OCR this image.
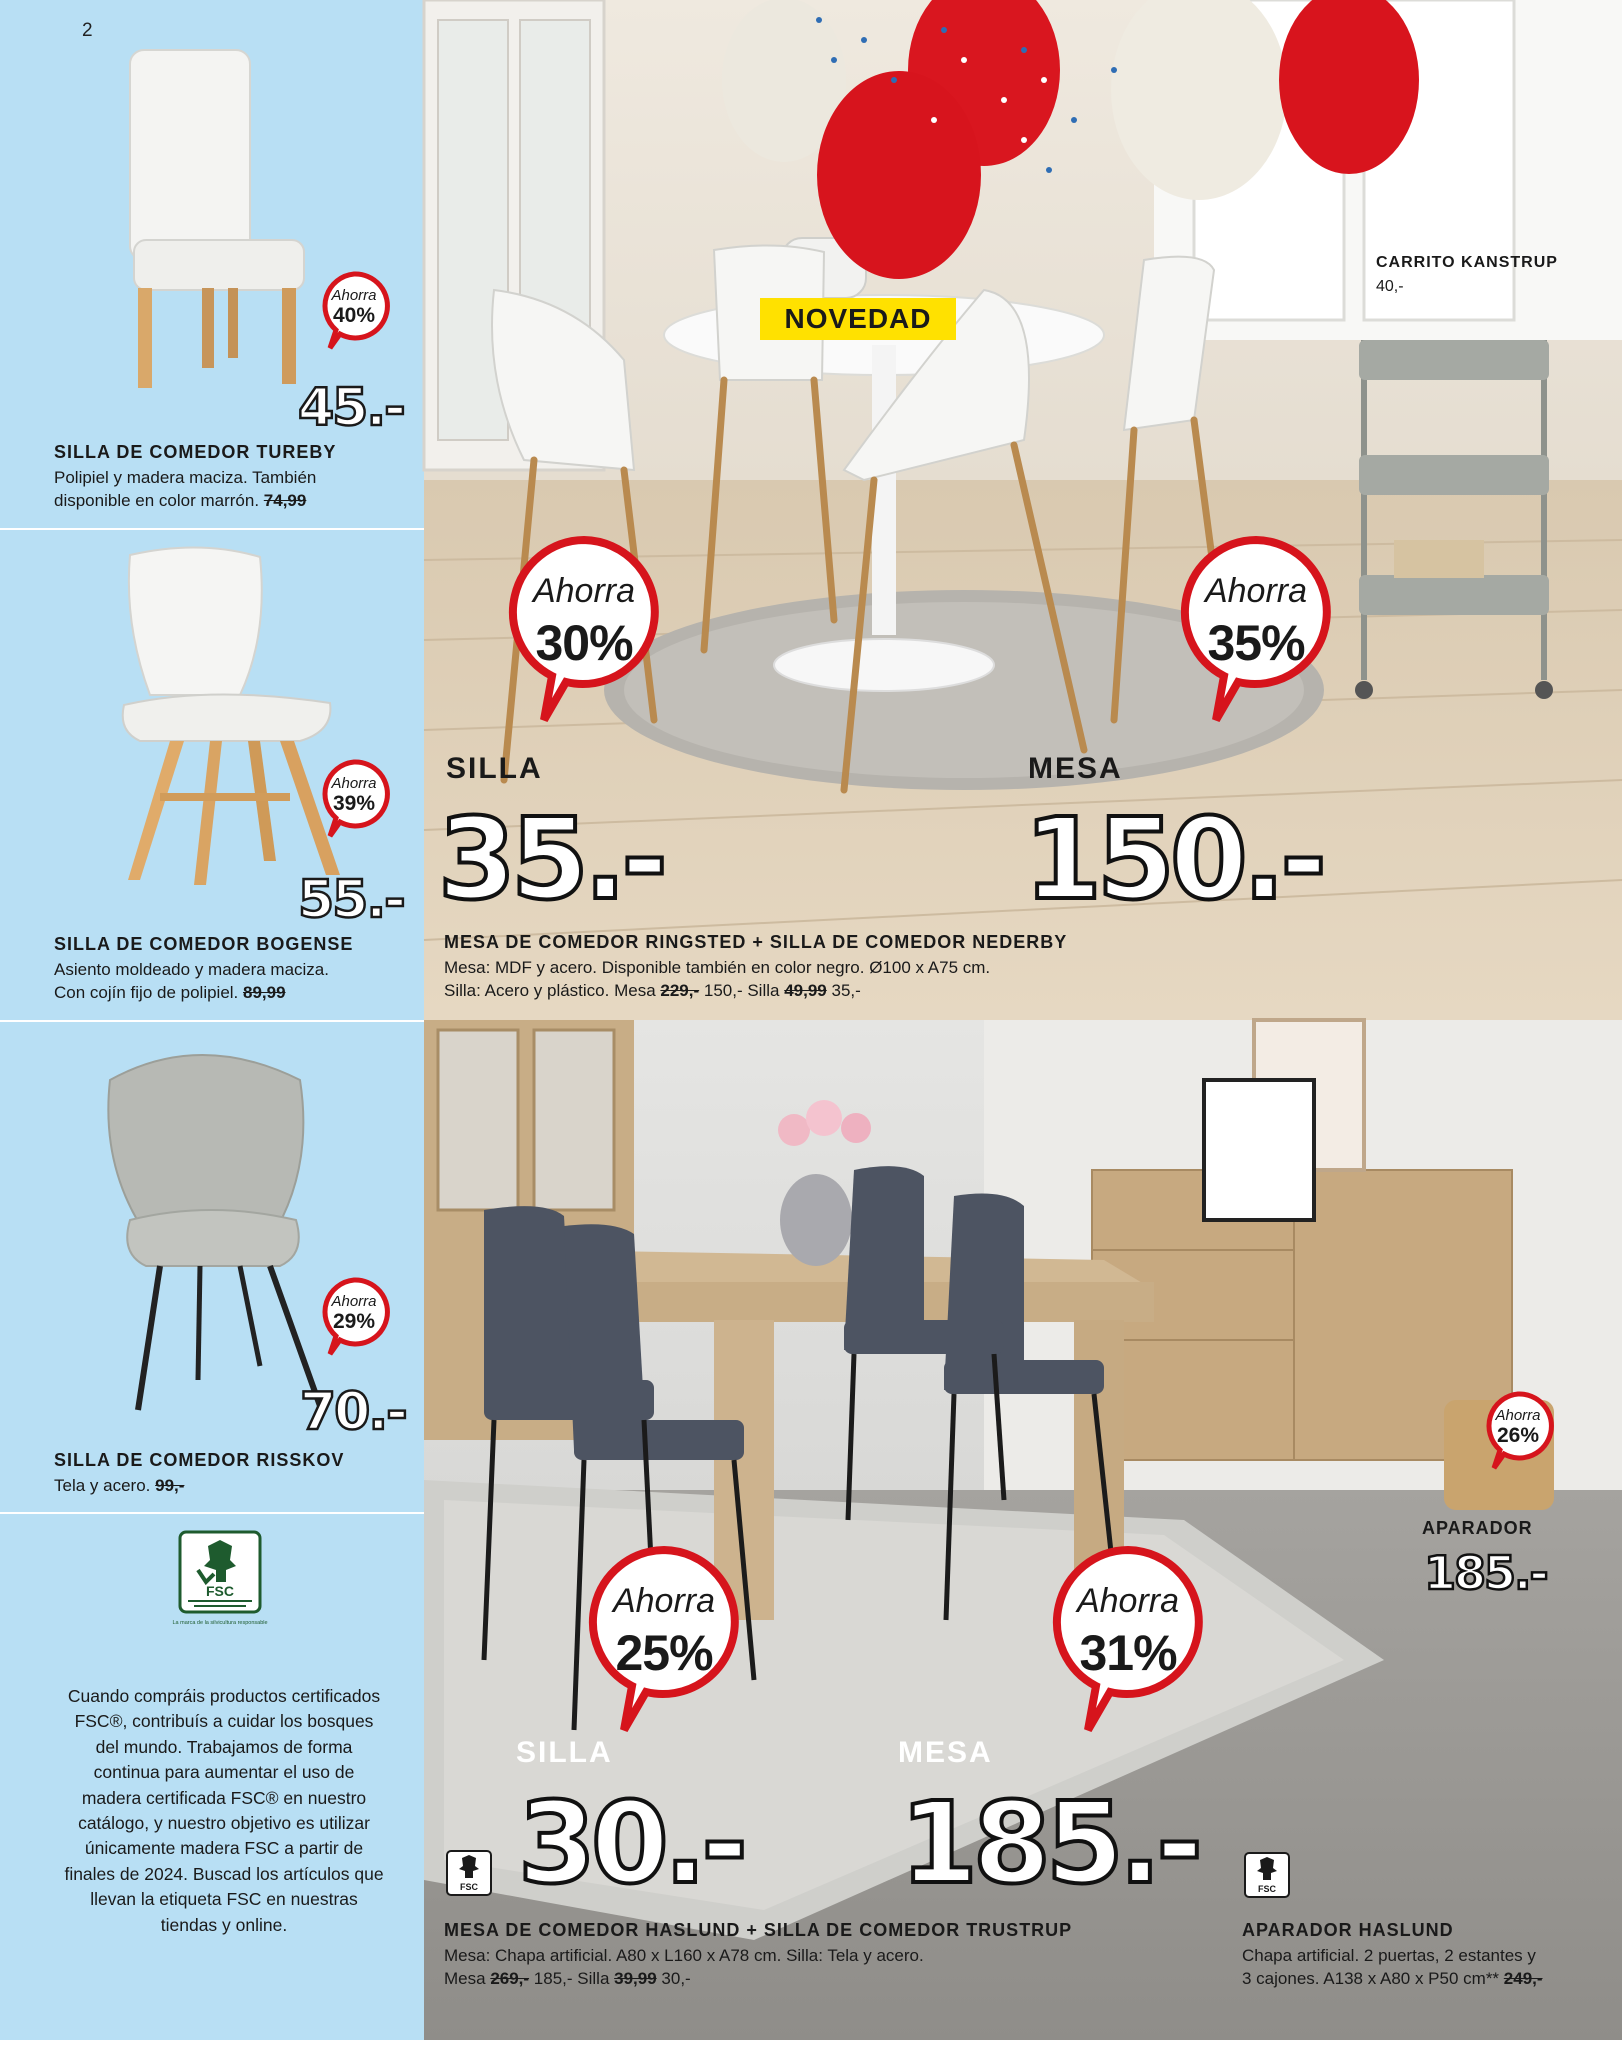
2
Ahorra
40%
45.-
SILLA DE COMEDOR TUREBY
Polipiel y madera maciza. También
disponible en color marrón. 74,99
Ahorra
39%
55.-
SILLA DE COMEDOR BOGENSE
Asiento moldeado y madera maciza.
Con cojín fijo de polipiel. 89,99
Ahorra
29%
70.-
SILLA DE COMEDOR RISSKOV
Tela y acero. 99,-
FSC
La marca de la silvicultura responsable
Cuando compráis productos certificados FSC®, contribuís a cuidar los bosques del mundo. Trabajamos de forma continua para aumentar el uso de madera certificada FSC® en nuestro catálogo, y nuestro objetivo es utilizar únicamente madera FSC a partir de finales de 2024. Buscad los artículos que llevan la etiqueta FSC en nuestras tiendas y online.
NOVEDAD
CARRITO KANSTRUP
40,-
Ahorra
30%
Ahorra
35%
SILLA
35.-
MESA
150.-
MESA DE COMEDOR RINGSTED + SILLA DE COMEDOR NEDERBY
Mesa: MDF y acero. Disponible también en color negro. Ø100 x A75 cm.
Silla: Acero y plástico. Mesa 229,- 150,- Silla 49,99 35,-
Ahorra
25%
Ahorra
31%
Ahorra
26%
SILLA
30.-
MESA
185.-
FSC	FSC
MESA DE COMEDOR HASLUND + SILLA DE COMEDOR TRUSTRUP
Mesa: Chapa artificial. A80 x L160 x A78 cm. Silla: Tela y acero.
Mesa 269,- 185,- Silla 39,99 30,-
APARADOR HASLUND
Chapa artificial. 2 puertas, 2 estantes y
3 cajones. A138 x A80 x P50 cm** 249,-
APARADOR
185.-
